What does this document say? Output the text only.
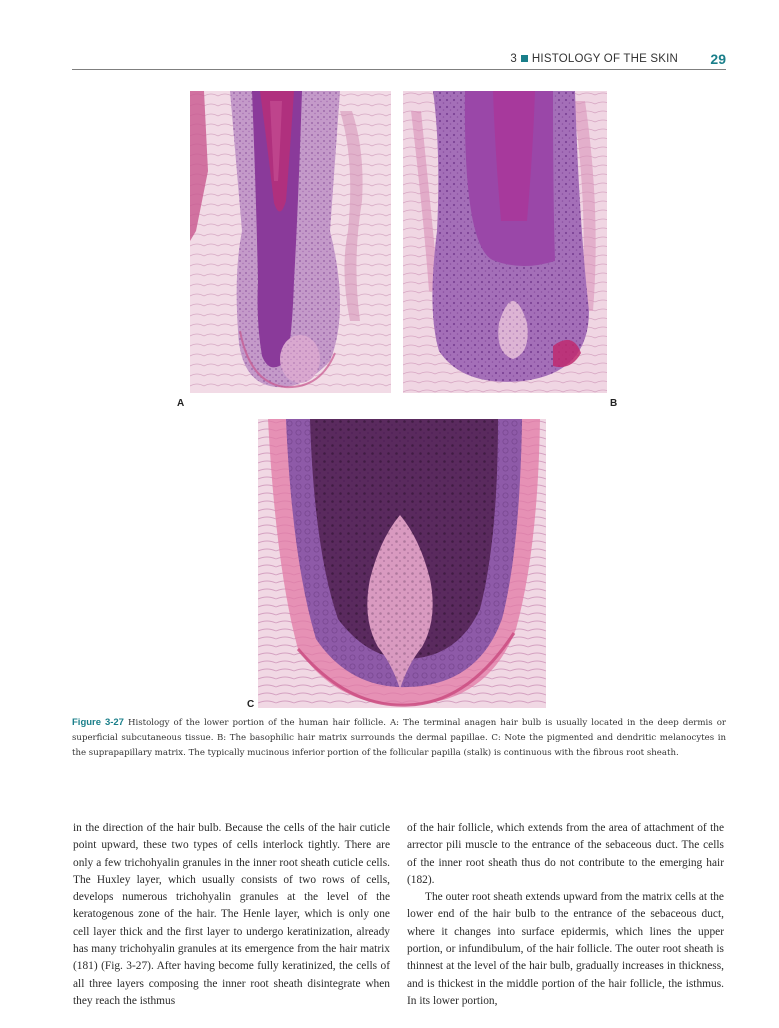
3 HISTOLOGY OF THE SKIN 29
A	B
C
Figure 3-27 Histology of the lower portion of the human hair follicle. A: The terminal anagen hair bulb is usually located in the deep dermis or superficial subcutaneous tissue. B: The basophilic hair matrix surrounds the dermal papillae. C: Note the pigmented and dendritic melanocytes in the suprapapillary matrix. The typically mucinous inferior portion of the follicular papilla (stalk) is continuous with the fibrous root sheath.

in the direction of the hair bulb. Because the cells of the hair cuticle point upward, these two types of cells interlock tightly. There are only a few trichohyalin granules in the inner root sheath cuticle cells. The Huxley layer, which usually consists of two rows of cells, develops numerous trichohyalin granules at the level of the keratogenous zone of the hair. The Henle layer, which is only one cell layer thick and the first layer to undergo keratinization, already has many trichohyalin granules at its emergence from the hair matrix (181) (Fig. 3-27). After having become fully keratinized, the cells of all three layers composing the inner root sheath disintegrate when they reach the isthmus

of the hair follicle, which extends from the area of attachment of the arrector pili muscle to the entrance of the sebaceous duct. The cells of the inner root sheath thus do not contribute to the emerging hair (182).

The outer root sheath extends upward from the matrix cells at the lower end of the hair bulb to the entrance of the sebaceous duct, where it changes into surface epidermis, which lines the upper portion, or infundibulum, of the hair follicle. The outer root sheath is thinnest at the level of the hair bulb, gradually increases in thickness, and is thickest in the middle portion of the hair follicle, the isthmus. In its lower portion,
